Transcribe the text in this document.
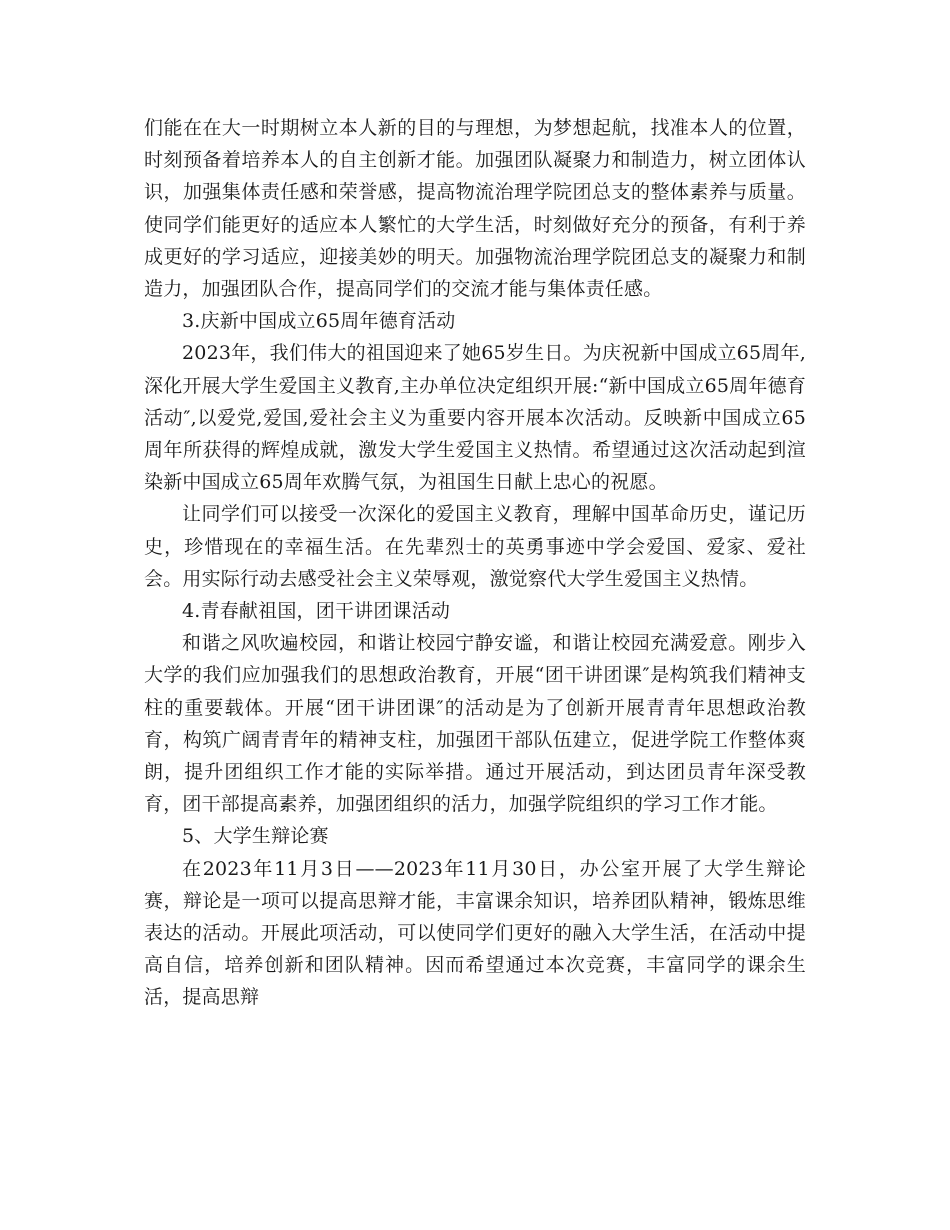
们能在在大一时期树立本人新的目的与理想，为梦想起航，找准本人的位置，时刻预备着培养本人的自主创新才能。加强团队凝聚力和制造力，树立团体认识，加强集体责任感和荣誉感，提高物流治理学院团总支的整体素养与质量。使同学们能更好的适应本人繁忙的大学生活，时刻做好充分的预备，有利于养成更好的学习适应，迎接美妙的明天。加强物流治理学院团总支的凝聚力和制造力，加强团队合作，提高同学们的交流才能与集体责任感。

3.庆新中国成立65周年德育活动

2023年，我们伟大的祖国迎来了她65岁生日。为庆祝新中国成立65周年,深化开展大学生爱国主义教育,主办单位决定组织开展:“新中国成立65周年德育活动″,以爱党,爱国,爱社会主义为重要内容开展本次活动。反映新中国成立65周年所获得的辉煌成就，激发大学生爱国主义热情。希望通过这次活动起到渲染新中国成立65周年欢腾气氛，为祖国生日献上忠心的祝愿。

让同学们可以接受一次深化的爱国主义教育，理解中国革命历史，谨记历史，珍惜现在的幸福生活。在先辈烈士的英勇事迹中学会爱国、爱家、爱社会。用实际行动去感受社会主义荣辱观，激觉察代大学生爱国主义热情。

4.青春献祖国，团干讲团课活动

和谐之风吹遍校园，和谐让校园宁静安谧，和谐让校园充满爱意。刚步入大学的我们应加强我们的思想政治教育，开展“团干讲团课″是构筑我们精神支柱的重要载体。开展“团干讲团课″的活动是为了创新开展青青年思想政治教育，构筑广阔青青年的精神支柱，加强团干部队伍建立，促进学院工作整体爽朗，提升团组织工作才能的实际举措。通过开展活动，到达团员青年深受教育，团干部提高素养，加强团组织的活力，加强学院组织的学习工作才能。

5、大学生辩论赛

在2023年11月3日——2023年11月30日，办公室开展了大学生辩论赛，辩论是一项可以提高思辩才能，丰富课余知识，培养团队精神，锻炼思维表达的活动。开展此项活动，可以使同学们更好的融入大学生活，在活动中提高自信，培养创新和团队精神。因而希望通过本次竞赛，丰富同学的课余生活，提高思辩
